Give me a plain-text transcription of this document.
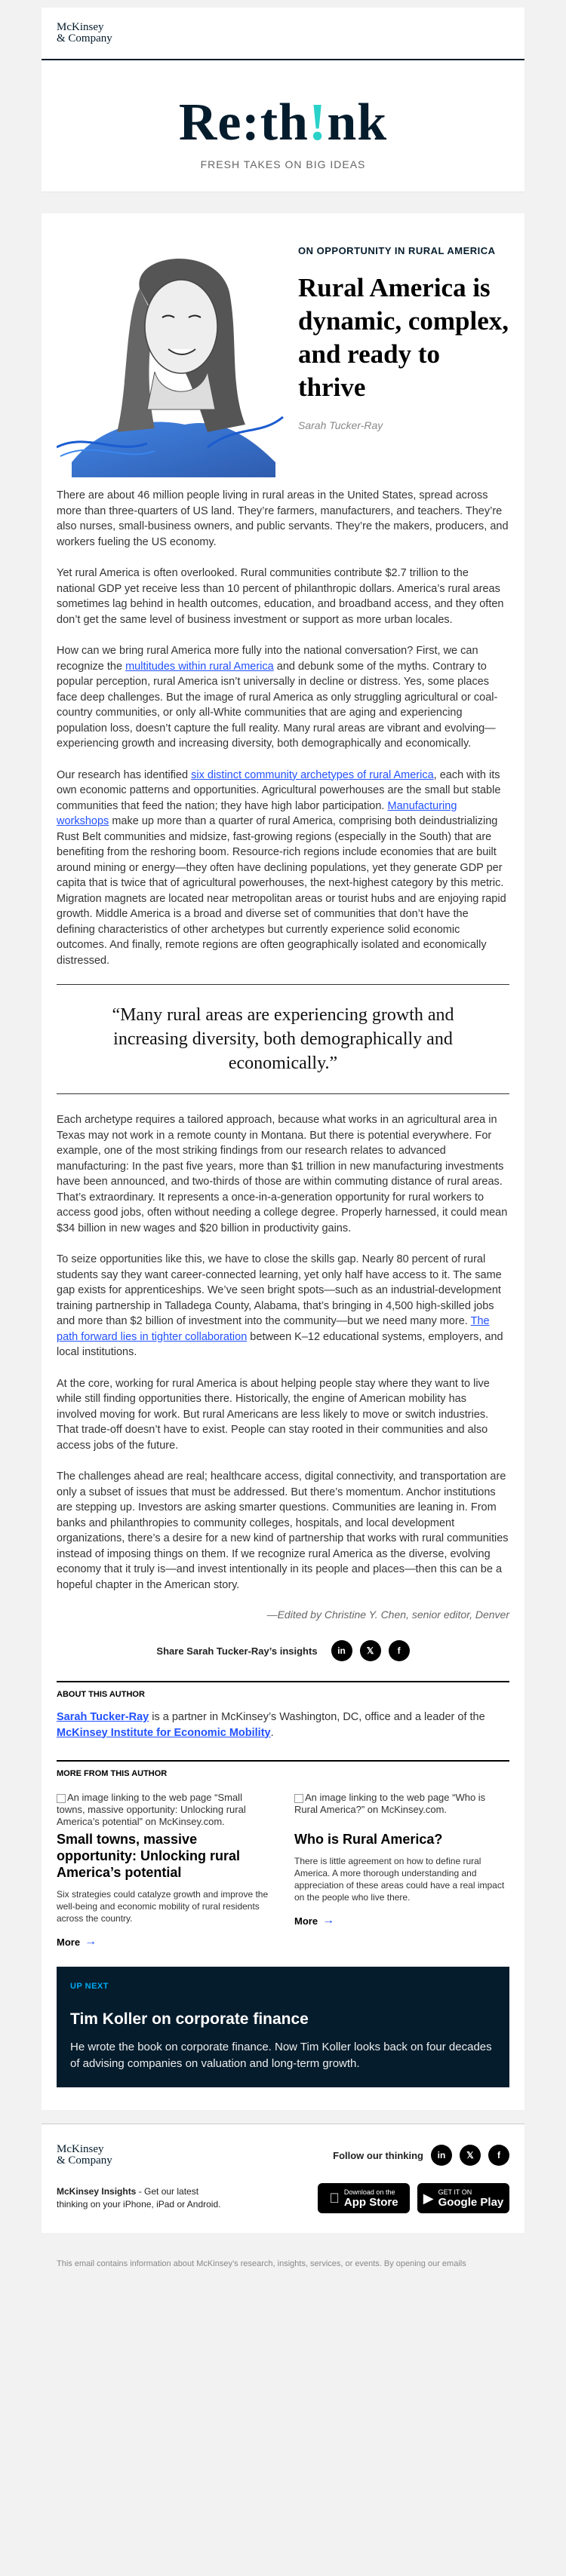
McKinsey
& Company
Re:th!nk
FRESH TAKES ON BIG IDEAS
ON OPPORTUNITY IN RURAL AMERICA
Rural America is dynamic, complex, and ready to thrive
Sarah Tucker-Ray

There are about 46 million people living in rural areas in the United States, spread across more than three-quarters of US land. They’re farmers, manufacturers, and teachers. They’re also nurses, small-business owners, and public servants. They’re the makers, producers, and workers fueling the US economy.

Yet rural America is often overlooked. Rural communities contribute $2.7 trillion to the national GDP yet receive less than 10 percent of philanthropic dollars. America’s rural areas sometimes lag behind in health outcomes, education, and broadband access, and they often don’t get the same level of business investment or support as more urban locales.

How can we bring rural America more fully into the national conversation? First, we can recognize the multitudes within rural America and debunk some of the myths. Contrary to popular perception, rural America isn’t universally in decline or distress. Yes, some places face deep challenges. But the image of rural America as only struggling agricultural or coal-country communities, or only all-White communities that are aging and experiencing population loss, doesn’t capture the full reality. Many rural areas are vibrant and evolving—experiencing growth and increasing diversity, both demographically and economically.

Our research has identified six distinct community archetypes of rural America, each with its own economic patterns and opportunities. Agricultural powerhouses are the small but stable communities that feed the nation; they have high labor participation. Manufacturing workshops make up more than a quarter of rural America, comprising both deindustrializing Rust Belt communities and midsize, fast-growing regions (especially in the South) that are benefiting from the reshoring boom. Resource-rich regions include economies that are built around mining or energy—they often have declining populations, yet they generate GDP per capita that is twice that of agricultural powerhouses, the next-highest category by this metric. Migration magnets are located near metropolitan areas or tourist hubs and are enjoying rapid growth. Middle America is a broad and diverse set of communities that don’t have the defining characteristics of other archetypes but currently experience solid economic outcomes. And finally, remote regions are often geographically isolated and economically distressed.

“Many rural areas are experiencing growth and increasing diversity, both demographically and economically.”

Each archetype requires a tailored approach, because what works in an agricultural area in Texas may not work in a remote county in Montana. But there is potential everywhere. For example, one of the most striking findings from our research relates to advanced manufacturing: In the past five years, more than $1 trillion in new manufacturing investments have been announced, and two-thirds of those are within commuting distance of rural areas. That’s extraordinary. It represents a once-in-a-generation opportunity for rural workers to access good jobs, often without needing a college degree. Properly harnessed, it could mean $34 billion in new wages and $20 billion in productivity gains.

To seize opportunities like this, we have to close the skills gap. Nearly 80 percent of rural students say they want career-connected learning, yet only half have access to it. The same gap exists for apprenticeships. We’ve seen bright spots—such as an industrial-development training partnership in Talladega County, Alabama, that’s bringing in 4,500 high-skilled jobs and more than $2 billion of investment into the community—but we need many more. The path forward lies in tighter collaboration between K–12 educational systems, employers, and local institutions.

At the core, working for rural America is about helping people stay where they want to live while still finding opportunities there. Historically, the engine of American mobility has involved moving for work. But rural Americans are less likely to move or switch industries. That trade-off doesn’t have to exist. People can stay rooted in their communities and also access jobs of the future.

The challenges ahead are real; healthcare access, digital connectivity, and transportation are only a subset of issues that must be addressed. But there’s momentum. Anchor institutions are stepping up. Investors are asking smarter questions. Communities are leaning in. From banks and philanthropies to community colleges, hospitals, and local development organizations, there’s a desire for a new kind of partnership that works with rural communities instead of imposing things on them. If we recognize rural America as the diverse, evolving economy that it truly is—and invest intentionally in its people and places—then this can be a hopeful chapter in the American story.

—Edited by Christine Y. Chen, senior editor, Denver
Share Sarah Tucker-Ray’s insights	in	𝕏	f
ABOUT THIS AUTHOR
Sarah Tucker-Ray is a partner in McKinsey’s Washington, DC, office and a leader of the McKinsey Institute for Economic Mobility.
MORE FROM THIS AUTHOR
An image linking to the web page “Small towns, massive opportunity: Unlocking rural America’s potential” on McKinsey.com.
Small towns, massive opportunity: Unlocking rural America’s potential
Six strategies could catalyze growth and improve the well-being and economic mobility of rural residents across the country.
More →
An image linking to the web page “Who is Rural America?” on McKinsey.com.
Who is Rural America?
There is little agreement on how to define rural America. A more thorough understanding and appreciation of these areas could have a real impact on the people who live there.
More →
UP NEXT
Tim Koller on corporate finance
He wrote the book on corporate finance. Now Tim Koller looks back on four decades of advising companies on valuation and long-term growth.
McKinsey
& Company	Follow our thinking	in	𝕏	f
McKinsey Insights - Get our latest thinking on your iPhone, iPad or Android.
Download on the
App Store ▶ GET IT ON
Google Play
This email contains information about McKinsey’s research, insights, services, or events. By opening our emails
